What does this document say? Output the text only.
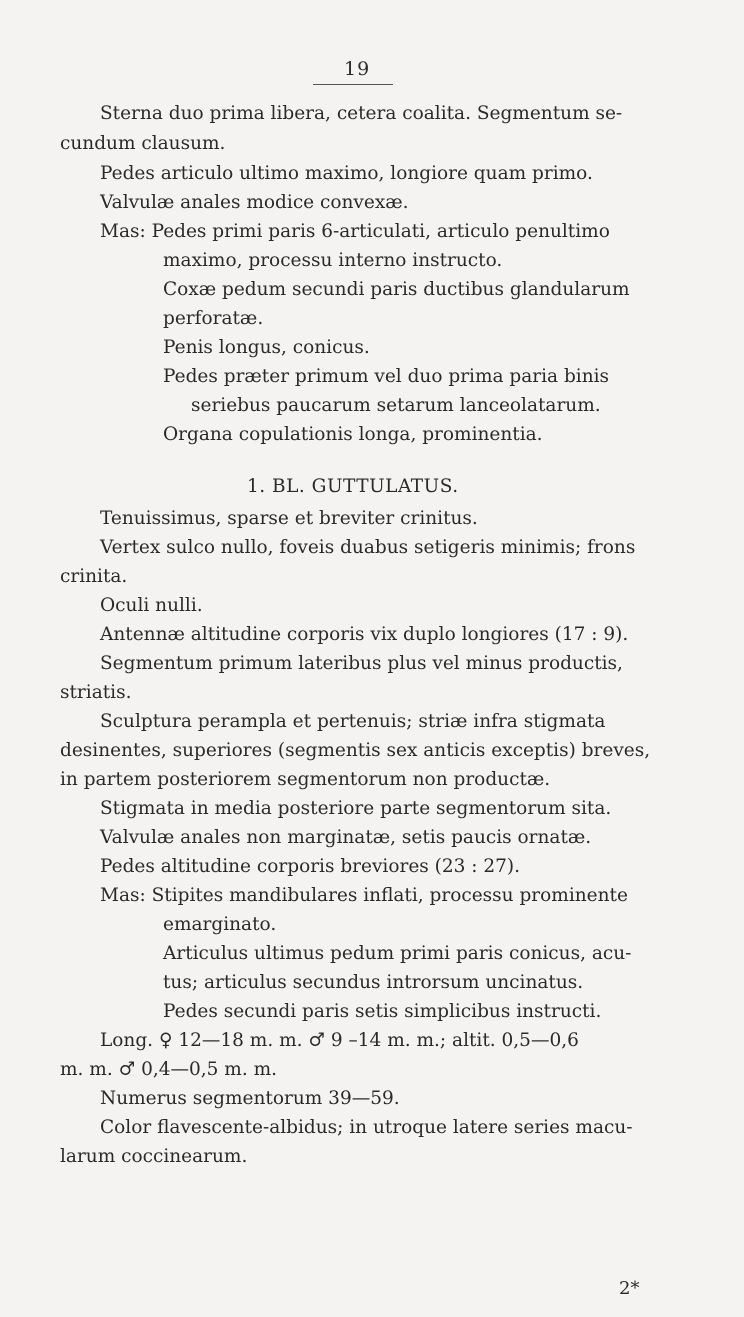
19
Sterna duo prima libera, cetera coalita. Segmentum se-
cundum clausum.
Pedes articulo ultimo maximo, longiore quam primo.
Valvulæ anales modice convexæ.
Mas: Pedes primi paris 6-articulati, articulo penultimo
maximo, processu interno instructo.
Coxæ pedum secundi paris ductibus glandularum
perforatæ.
Penis longus, conicus.
Pedes præter primum vel duo prima paria binis
seriebus paucarum setarum lanceolatarum.
Organa copulationis longa, prominentia.
1. BL. GUTTULATUS.
Tenuissimus, sparse et breviter crinitus.
Vertex sulco nullo, foveis duabus setigeris minimis; frons
crinita.
Oculi nulli.
Antennæ altitudine corporis vix duplo longiores (17 : 9).
Segmentum primum lateribus plus vel minus productis,
striatis.
Sculptura perampla et pertenuis; striæ infra stigmata
desinentes, superiores (segmentis sex anticis exceptis) breves,
in partem posteriorem segmentorum non productæ.
Stigmata in media posteriore parte segmentorum sita.
Valvulæ anales non marginatæ, setis paucis ornatæ.
Pedes altitudine corporis breviores (23 : 27).
Mas: Stipites mandibulares inflati, processu prominente
emarginato.
Articulus ultimus pedum primi paris conicus, acu-
tus; articulus secundus introrsum uncinatus.
Pedes secundi paris setis simplicibus instructi.
Long. ♀ 12—18 m. m. ♂ 9 –14 m. m.; altit. 0,5—0,6
m. m. ♂ 0,4—0,5 m. m.
Numerus segmentorum 39—59.
Color flavescente-albidus; in utroque latere series macu-
larum coccinearum.
2*
